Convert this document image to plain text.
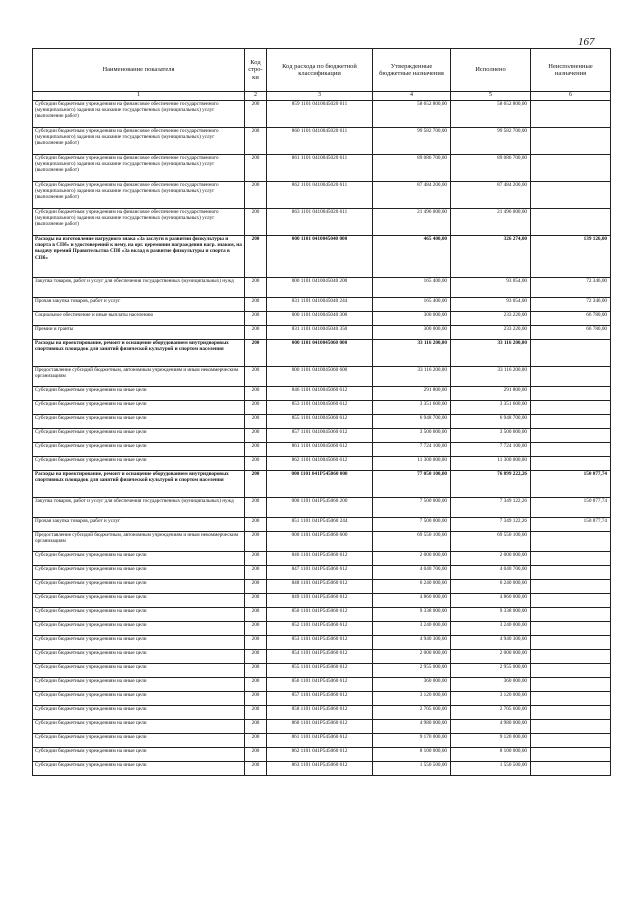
167
Наименование показателя	Код стро-ки	Код расхода по бюджетной классификации	Утвержденные бюджетные назначения	Исполнено	Неисполненные назначения
1	2	3	4	5	6
Субсидии бюджетным учреждениям на финансовое обеспечение государственного (муниципального) задания на оказание государственных (муниципальных) услуг (выполнение работ)	200	859 1101 0410045020 611	58 652 800,00	58 652 800,00	
Субсидии бюджетным учреждениям на финансовое обеспечение государственного (муниципального) задания на оказание государственных (муниципальных) услуг (выполнение работ)	200	860 1101 0410045020 611	99 582 700,00	99 582 700,00	
Субсидии бюджетным учреждениям на финансовое обеспечение государственного (муниципального) задания на оказание государственных (муниципальных) услуг (выполнение работ)	200	861 1101 0410045020 611	89 086 700,00	89 086 700,00	
Субсидии бюджетным учреждениям на финансовое обеспечение государственного (муниципального) задания на оказание государственных (муниципальных) услуг (выполнение работ)	200	862 1101 0410045020 611	87 484 200,00	87 484 200,00	
Субсидии бюджетным учреждениям на финансовое обеспечение государственного (муниципального) задания на оказание государственных (муниципальных) услуг (выполнение работ)	200	863 1101 0410045020 611	21 496 000,00	21 496 000,00	
Расходы на изготовление нагрудного знака «За заслуги в развитии физкультуры и спорта в СПб» и удостоверений к нему, на орг. церемонии награждения нагр. знаком, на выдачу премий Правительства СПб «За вклад в развитие физкультуры и спорта в СПб»	200	000 1101 0410045040 000	465 400,00	326 274,00	139 126,00
Закупка товаров, работ и услуг для обеспечения государственных (муниципальных) нужд	200	000 1101 0410045040 200	165 400,00	93 054,00	72 346,00
Прочая закупка товаров, работ и услуг	200	831 1101 0410045040 244	165 400,00	93 054,00	72 346,00
Социальное обеспечение и иные выплаты населению	200	000 1101 0410045040 300	300 000,00	233 220,00	66 780,00
Премии и гранты	200	831 1101 0410045040 350	300 000,00	233 220,00	66 780,00
Расходы на проектирование, ремонт и оснащение оборудованием внутридворовых спортивных площадок для занятий физической культурой и спортом населения	200	000 1101 0410045060 000	33 116 200,00	33 116 200,00	
Предоставление субсидий бюджетным, автономным учреждениям и иным некоммерческим организациям	200	000 1101 0410045060 600	33 116 200,00	33 116 200,00	
Субсидии бюджетным учреждениям на иные цели	200	846 1101 0410045060 612	291 800,00	291 800,00	
Субсидии бюджетным учреждениям на иные цели	200	853 1101 0410045060 612	3 351 600,00	3 351 600,00	
Субсидии бюджетным учреждениям на иные цели	200	855 1101 0410045060 612	6 948 700,00	6 948 700,00	
Субсидии бюджетным учреждениям на иные цели	200	857 1101 0410045060 612	3 500 000,00	3 500 000,00	
Субсидии бюджетным учреждениям на иные цели	200	861 1101 0410045060 612	7 724 100,00	7 724 100,00	
Субсидии бюджетным учреждениям на иные цели	200	862 1101 0410045060 612	11 300 000,00	11 300 000,00	
Расходы на проектирование, ремонт и оснащение оборудованием внутридворовых спортивных площадок для занятий физической культурой и спортом населения	200	000 1101 041P545060 000	77 050 100,00	76 899 222,26	150 877,74
Закупка товаров, работ и услуг для обеспечения государственных (муниципальных) нужд	200	000 1101 041P545060 200	7 500 000,00	7 349 122,26	150 877,74
Прочая закупка товаров, работ и услуг	200	851 1101 041P545060 244	7 500 000,00	7 349 122,26	150 877,74
Предоставление субсидий бюджетным, автономным учреждениям и иным некоммерческим организациям	200	000 1101 041P545060 600	69 550 100,00	69 550 100,00	
Субсидии бюджетным учреждениям на иные цели	200	846 1101 041P545060 612	2 000 000,00	2 000 000,00	
Субсидии бюджетным учреждениям на иные цели	200	847 1101 041P545060 612	4 040 700,00	4 040 700,00	
Субсидии бюджетным учреждениям на иные цели	200	848 1101 041P545060 612	6 240 000,00	6 240 000,00	
Субсидии бюджетным учреждениям на иные цели	200	849 1101 041P545060 612	4 860 000,00	4 860 000,00	
Субсидии бюджетным учреждениям на иные цели	200	850 1101 041P545060 612	9 338 000,00	9 338 000,00	
Субсидии бюджетным учреждениям на иные цели	200	852 1101 041P545060 612	3 240 000,00	3 240 000,00	
Субсидии бюджетным учреждениям на иные цели	200	853 1101 041P545060 612	4 940 300,00	4 940 300,00	
Субсидии бюджетным учреждениям на иные цели	200	854 1101 041P545060 612	2 000 000,00	2 000 000,00	
Субсидии бюджетным учреждениям на иные цели	200	855 1101 041P545060 612	2 955 000,00	2 955 000,00	
Субсидии бюджетным учреждениям на иные цели	200	856 1101 041P545060 612	360 000,00	360 000,00	
Субсидии бюджетным учреждениям на иные цели	200	857 1101 041P545060 612	3 120 000,00	3 120 000,00	
Субсидии бюджетным учреждениям на иные цели	200	858 1101 041P545060 612	2 705 600,00	2 705 600,00	
Субсидии бюджетным учреждениям на иные цели	200	860 1101 041P545060 612	4 980 000,00	4 980 000,00	
Субсидии бюджетным учреждениям на иные цели	200	861 1101 041P545060 612	9 170 000,00	9 120 000,00	
Субсидии бюджетным учреждениям на иные цели	200	862 1101 041P545060 612	8 100 000,00	8 100 000,00	
Субсидии бюджетным учреждениям на иные цели	200	863 1101 041P545060 612	1 550 500,00	1 550 500,00	
